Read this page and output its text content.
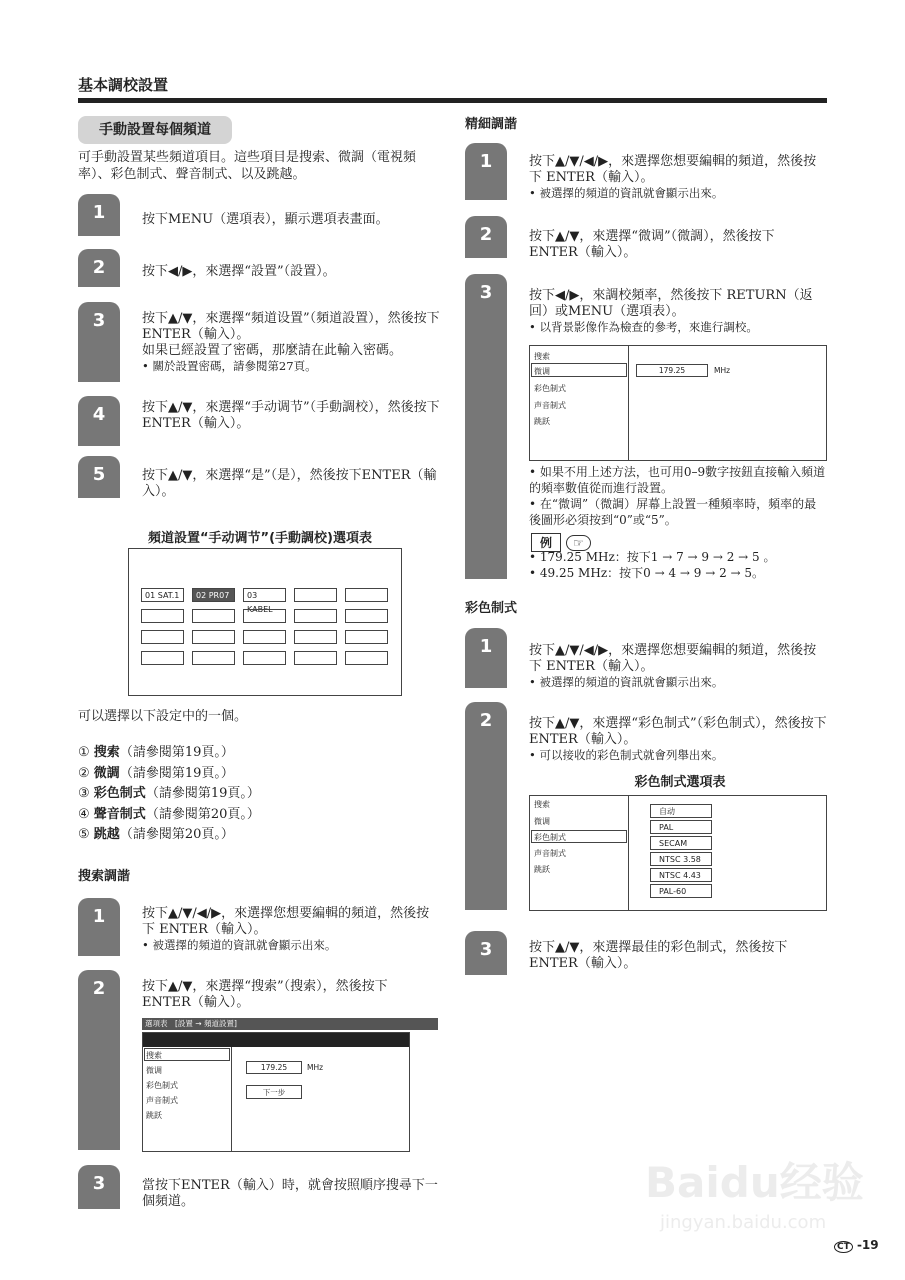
基本調校設置
手動設置每個頻道
可手動設置某些頻道項目。這些項目是搜索、微調（電視頻率）、彩色制式、聲音制式、以及跳越。
1	按下MENU（選項表），顯示選項表畫面。
2	按下◀/▶，來選擇“設置”（設置）。
3	按下▲/▼，來選擇“頻道设置”（頻道設置），然後按下 ENTER（輸入）。
如果已經設置了密碼，那麼請在此輸入密碼。
• 關於設置密碼，請參閱第27頁。
4	按下▲/▼，來選擇“手动调节”（手動調校），然後按下ENTER（輸入）。
5	按下▲/▼，來選擇“是”（是），然後按下ENTER（輸入）。
頻道設置“手动调节”(手動調校)選項表
01 SAT.1	02 PR07	03 KABEL
可以選擇以下設定中的一個。
① 搜索（請參閱第19頁。）
② 微調（請參閱第19頁。）
③ 彩色制式（請參閱第19頁。）
④ 聲音制式（請參閱第20頁。）
⑤ 跳越（請參閱第20頁。）
搜索調諧
1	按下▲/▼/◀/▶，來選擇您想要編輯的頻道，然後按下 ENTER（輸入）。
• 被選擇的頻道的資訊就會顯示出來。
2	按下▲/▼，來選擇“搜索”（搜索），然後按下 ENTER（輸入）。
選項表　[設置 → 頻道設置]
搜索
微调
彩色制式
声音制式
跳跃
179.25	MHz
下一步
3	當按下ENTER（輸入）時，就會按照順序搜尋下一個頻道。
精細調諧
1	按下▲/▼/◀/▶，來選擇您想要編輯的頻道，然後按下 ENTER（輸入）。
• 被選擇的頻道的資訊就會顯示出來。
2	按下▲/▼，來選擇“微调”（微調），然後按下 ENTER（輸入）。
3	按下◀/▶，來調校頻率，然後按下 RETURN（返回）或MENU（選項表）。
• 以背景影像作為檢查的參考，來進行調校。
搜索
微调
彩色制式
声音制式
跳跃
179.25	MHz
• 如果不用上述方法，也可用0–9數字按鈕直接輸入頻道的頻率數值從而進行設置。
• 在“微调”（微調）屏幕上設置一種頻率時，頻率的最後圖形必須按到“0”或“5”。
例 ☞
• 179.25 MHz：按下1 → 7 → 9 → 2 → 5 。
• 49.25 MHz：按下0 → 4 → 9 → 2 → 5。
彩色制式
1	按下▲/▼/◀/▶，來選擇您想要編輯的頻道，然後按下 ENTER（輸入）。
• 被選擇的頻道的資訊就會顯示出來。
2	按下▲/▼，來選擇“彩色制式”（彩色制式），然後按下 ENTER（輸入）。
• 可以接收的彩色制式就會列舉出來。
彩色制式選項表
搜索
微调
彩色制式
声音制式
跳跃
自动
PAL
SECAM
NTSC 3.58
NTSC 4.43
PAL-60
3	按下▲/▼，來選擇最佳的彩色制式，然後按下ENTER（輸入）。
Baidu经验
jingyan.baidu.com
CT -19
